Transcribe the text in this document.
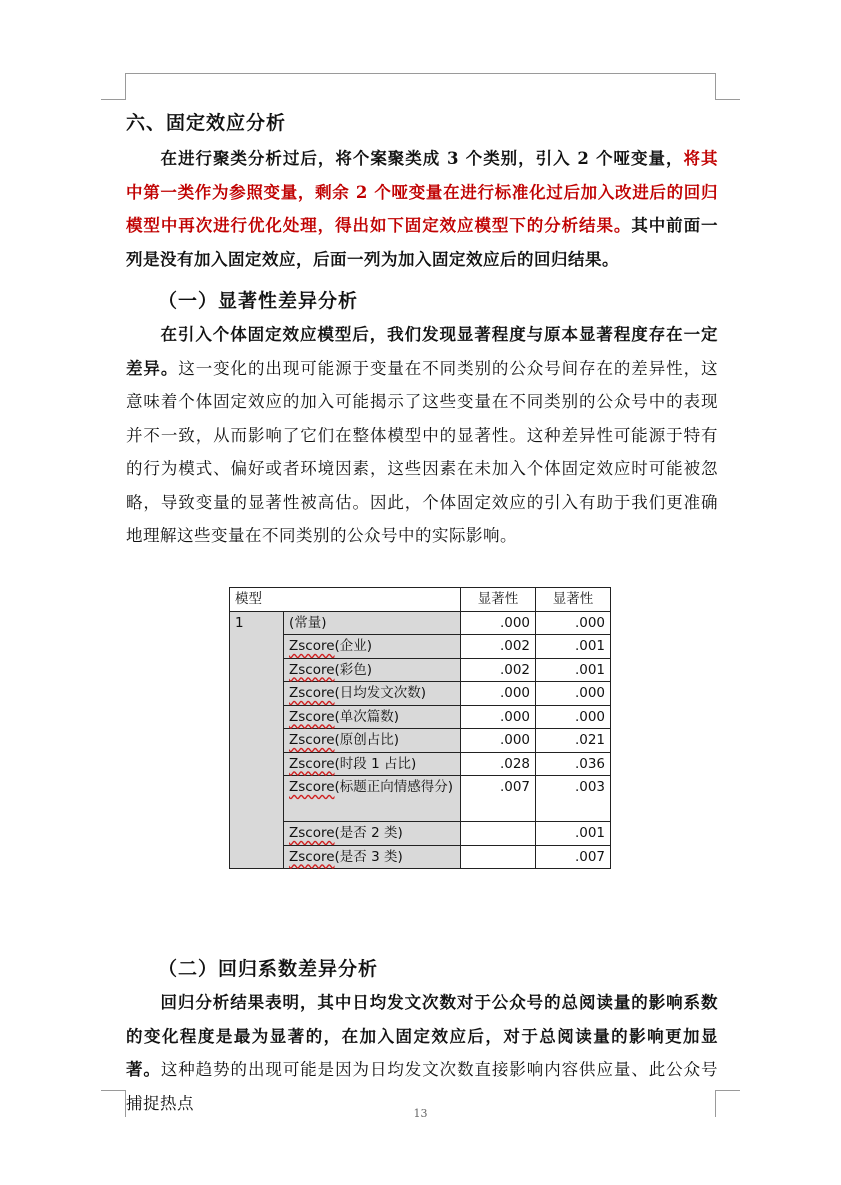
六、固定效应分析

在进行聚类分析过后，将个案聚类成 3 个类别，引入 2 个哑变量，将其中第一类作为参照变量，剩余 2 个哑变量在进行标准化过后加入改进后的回归模型中再次进行优化处理，得出如下固定效应模型下的分析结果。其中前面一列是没有加入固定效应，后面一列为加入固定效应后的回归结果。

（一）显著性差异分析

在引入个体固定效应模型后，我们发现显著程度与原本显著程度存在一定差异。这一变化的出现可能源于变量在不同类别的公众号间存在的差异性，这意味着个体固定效应的加入可能揭示了这些变量在不同类别的公众号中的表现并不一致，从而影响了它们在整体模型中的显著性。这种差异性可能源于特有的行为模式、偏好或者环境因素，这些因素在未加入个体固定效应时可能被忽略，导致变量的显著性被高估。因此，个体固定效应的引入有助于我们更准确地理解这些变量在不同类别的公众号中的实际影响。

模型		显著性	显著性
1	(常量)	.000	.000
	Zscore(企业)	.002	.001
	Zscore(彩色)	.002	.001
	Zscore(日均发文次数)	.000	.000
	Zscore(单次篇数)	.000	.000
	Zscore(原创占比)	.000	.021
	Zscore(时段 1 占比)	.028	.036
	Zscore(标题正向情感得分)	.007	.003
	Zscore(是否 2 类)		.001
	Zscore(是否 3 类)		.007
（二）回归系数差异分析

回归分析结果表明，其中日均发文次数对于公众号的总阅读量的影响系数的变化程度是最为显著的，在加入固定效应后，对于总阅读量的影响更加显著。这种趋势的出现可能是因为日均发文次数直接影响内容供应量、此公众号捕捉热点

13
